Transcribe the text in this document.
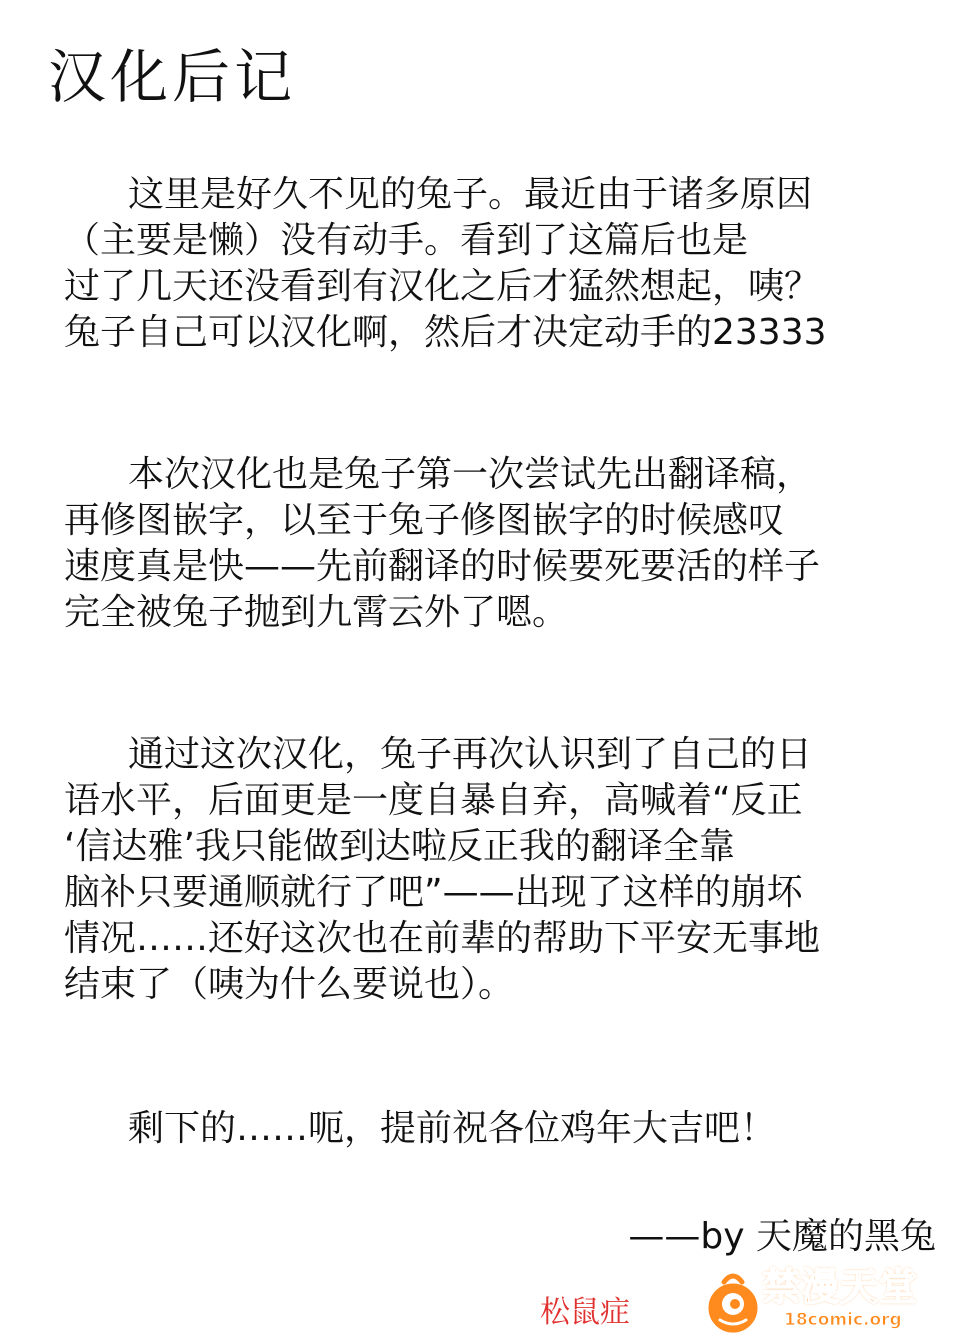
汉化后记
这里是好久不见的兔子。最近由于诸多原因
（主要是懒）没有动手。看到了这篇后也是
过了几天还没看到有汉化之后才猛然想起，咦？
兔子自己可以汉化啊，然后才决定动手的23333
本次汉化也是兔子第一次尝试先出翻译稿，
再修图嵌字，以至于兔子修图嵌字的时候感叹
速度真是快——先前翻译的时候要死要活的样子
完全被兔子抛到九霄云外了嗯。
通过这次汉化，兔子再次认识到了自己的日
语水平，后面更是一度自暴自弃，高喊着“反正
‘信达雅’我只能做到达啦反正我的翻译全靠
脑补只要通顺就行了吧”——出现了这样的崩坏
情况……还好这次也在前辈的帮助下平安无事地
结束了（咦为什么要说也）。
剩下的……呃，提前祝各位鸡年大吉吧！
——by 天魔的黑兔
松鼠症
禁漫天堂
18comic.org
